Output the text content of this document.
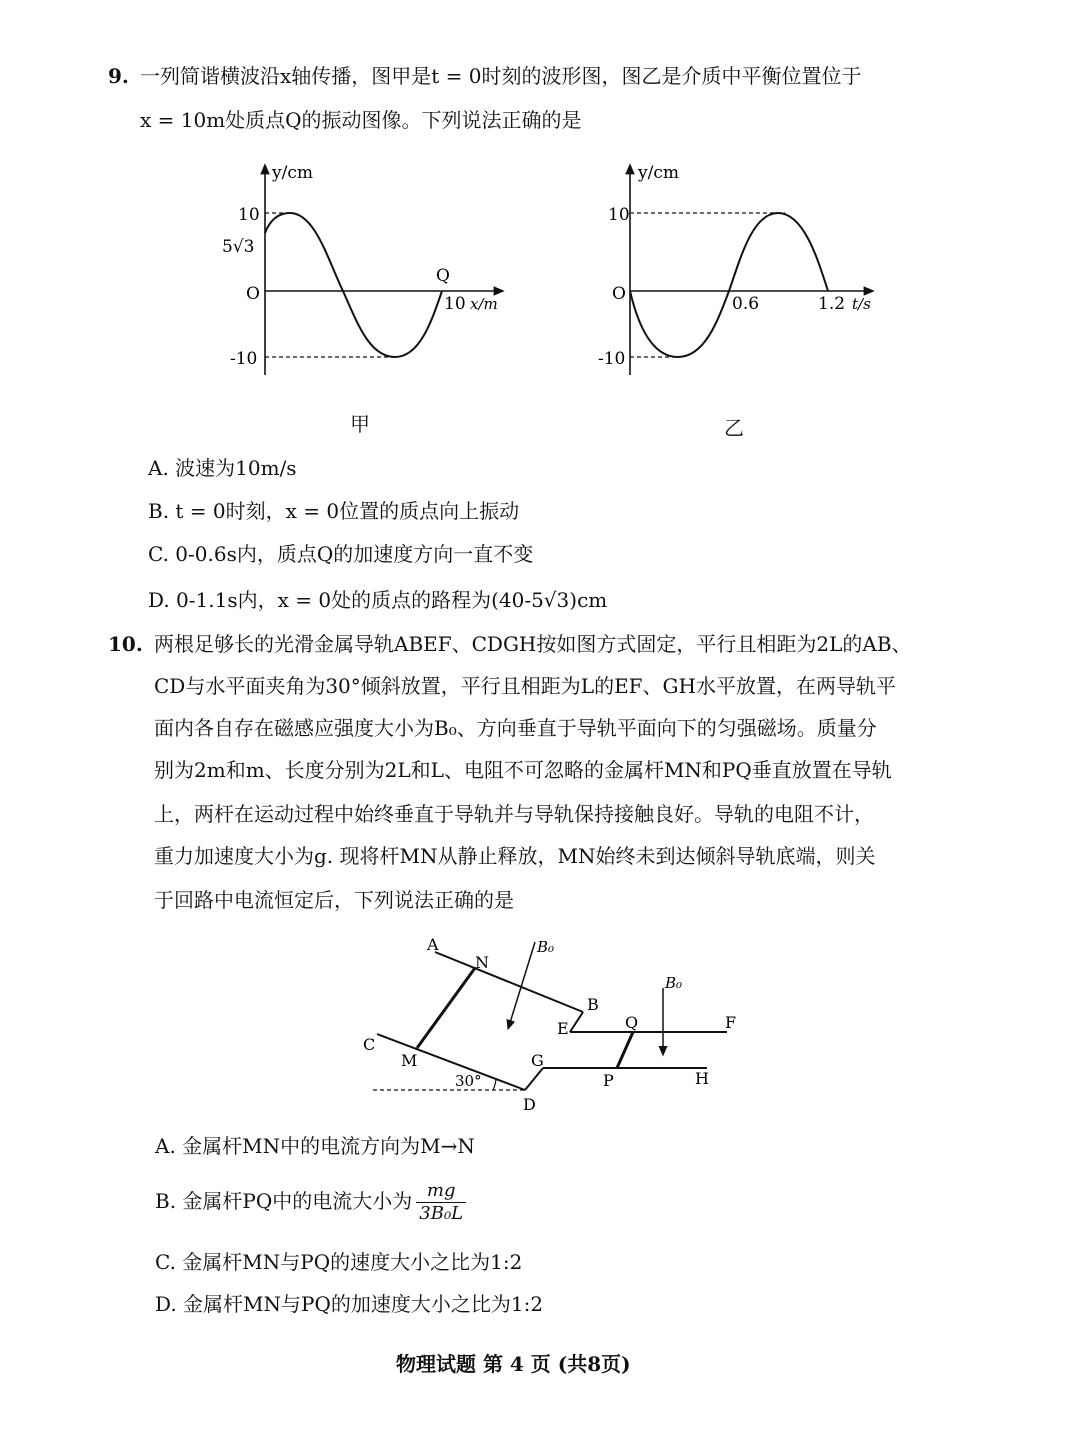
9. 一列简谐横波沿x轴传播，图甲是t = 0时刻的波形图，图乙是介质中平衡位置位于
x = 10m处质点Q的振动图像。下列说法正确的是
y/cm
10
5√3
O
-10
Q
10 x/m
甲
y/cm
10
O
-10
0.6	1.2 t/s
乙
A. 波速为10m/s
B. t = 0时刻，x = 0位置的质点向上振动
C. 0-0.6s内，质点Q的加速度方向一直不变
D. 0-1.1s内，x = 0处的质点的路程为(40-5√3)cm
10. 两根足够长的光滑金属导轨ABEF、CDGH按如图方式固定，平行且相距为2L的AB、
CD与水平面夹角为30°倾斜放置，平行且相距为L的EF、GH水平放置，在两导轨平
面内各自存在磁感应强度大小为B₀、方向垂直于导轨平面向下的匀强磁场。质量分
别为2m和m、长度分别为2L和L、电阻不可忽略的金属杆MN和PQ垂直放置在导轨
上，两杆在运动过程中始终垂直于导轨并与导轨保持接触良好。导轨的电阻不计，
重力加速度大小为g. 现将杆MN从静止释放，MN始终未到达倾斜导轨底端，则关
于回路中电流恒定后，下列说法正确的是
A
N
B₀
B
E	Q
B₀
F
C
M	G
P	H
D
30°
A. 金属杆MN中的电流方向为M→N
B. 金属杆PQ中的电流大小为 $\frac{mg}{\text{3B₀L}}$
C. 金属杆MN与PQ的速度大小之比为1:2
D. 金属杆MN与PQ的加速度大小之比为1:2
物理试题 第 4 页 (共8页)
